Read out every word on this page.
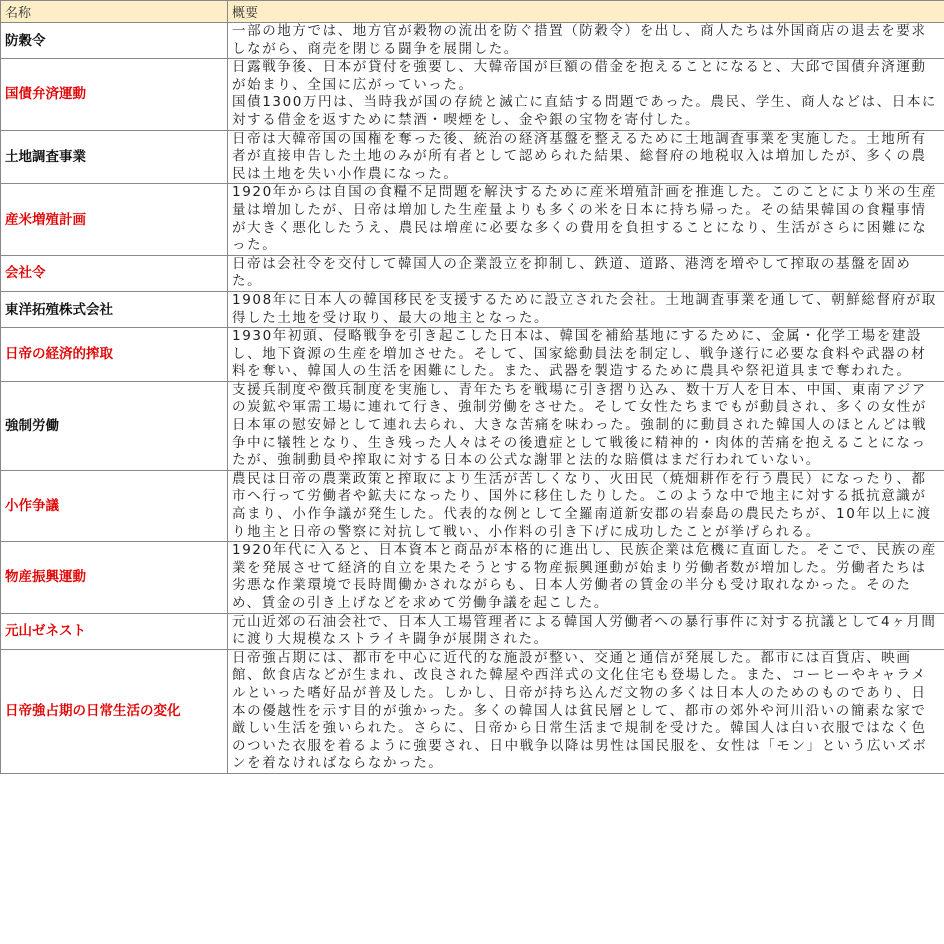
名称	概要
防穀令	一部の地方では、地方官が穀物の流出を防ぐ措置（防穀令）を出し、商人たちは外国商店の退去を要求しながら、商売を閉じる闘争を展開した。
国債弁済運動	日露戦争後、日本が貸付を強要し、大韓帝国が巨額の借金を抱えることになると、大邱で国債弁済運動が始まり、全国に広がっていった。
国債1300万円は、当時我が国の存続と滅亡に直結する問題であった。農民、学生、商人などは、日本に対する借金を返すために禁酒・喫煙をし、金や銀の宝物を寄付した。
土地調査事業	日帝は大韓帝国の国権を奪った後、統治の経済基盤を整えるために土地調査事業を実施した。土地所有者が直接申告した土地のみが所有者として認められた結果、総督府の地税収入は増加したが、多くの農民は土地を失い小作農になった。
産米増殖計画	1920年からは自国の食糧不足問題を解決するために産米増殖計画を推進した。このことにより米の生産量は増加したが、日帝は増加した生産量よりも多くの米を日本に持ち帰った。その結果韓国の食糧事情が大きく悪化したうえ、農民は増産に必要な多くの費用を負担することになり、生活がさらに困難になった。
会社令	日帝は会社令を交付して韓国人の企業設立を抑制し、鉄道、道路、港湾を増やして搾取の基盤を固めた。
東洋拓殖株式会社	1908年に日本人の韓国移民を支援するために設立された会社。土地調査事業を通して、朝鮮総督府が取得した土地を受け取り、最大の地主となった。
日帝の経済的搾取	1930年初頭、侵略戦争を引き起こした日本は、韓国を補給基地にするために、金属・化学工場を建設し、地下資源の生産を増加させた。そして、国家総動員法を制定し、戦争遂行に必要な食料や武器の材料を奪い、韓国人の生活を困難にした。また、武器を製造するために農具や祭祀道具まで奪われた。
強制労働	支援兵制度や徴兵制度を実施し、青年たちを戦場に引き摺り込み、数十万人を日本、中国、東南アジアの炭鉱や軍需工場に連れて行き、強制労働をさせた。そして女性たちまでもが動員され、多くの女性が日本軍の慰安婦として連れ去られ、大きな苦痛を味わった。強制的に動員された韓国人のほとんどは戦争中に犠牲となり、生き残った人々はその後遺症として戦後に精神的・肉体的苦痛を抱えることになったが、強制動員や搾取に対する日本の公式な謝罪と法的な賠償はまだ行われていない。
小作争議	農民は日帝の農業政策と搾取により生活が苦しくなり、火田民（焼畑耕作を行う農民）になったり、都市へ行って労働者や鉱夫になったり、国外に移住したりした。このような中で地主に対する抵抗意識が高まり、小作争議が発生した。代表的な例として全羅南道新安郡の岩泰島の農民たちが、10年以上に渡り地主と日帝の警察に対抗して戦い、小作料の引き下げに成功したことが挙げられる。
物産振興運動	1920年代に入ると、日本資本と商品が本格的に進出し、民族企業は危機に直面した。そこで、民族の産業を発展させて経済的自立を果たそうとする物産振興運動が始まり労働者数が増加した。労働者たちは劣悪な作業環境で長時間働かされながらも、日本人労働者の賃金の半分も受け取れなかった。そのため、賃金の引き上げなどを求めて労働争議を起こした。
元山ゼネスト	元山近郊の石油会社で、日本人工場管理者による韓国人労働者への暴行事件に対する抗議として4ヶ月間に渡り大規模なストライキ闘争が展開された。
日帝強占期の日常生活の変化	日帝強占期には、都市を中心に近代的な施設が整い、交通と通信が発展した。都市には百貨店、映画館、飲食店などが生まれ、改良された韓屋や西洋式の文化住宅も登場した。また、コーヒーやキャラメルといった嗜好品が普及した。しかし、日帝が持ち込んだ文物の多くは日本人のためのものであり、日本の優越性を示す目的が強かった。多くの韓国人は貧民層として、都市の郊外や河川沿いの簡素な家で厳しい生活を強いられた。さらに、日帝から日常生活まで規制を受けた。韓国人は白い衣服ではなく色のついた衣服を着るように強要され、日中戦争以降は男性は国民服を、女性は「モン」という広いズボンを着なければならなかった。
